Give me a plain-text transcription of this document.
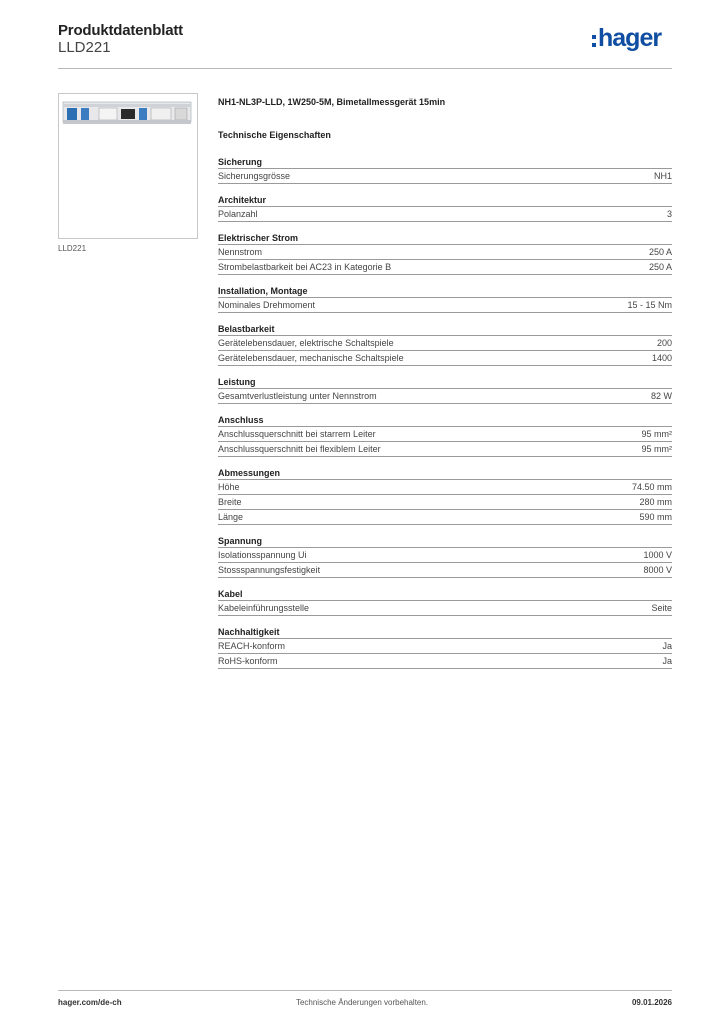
Produktdatenblatt
LLD221	hager
LLD221
NH1-NL3P-LLD, 1W250-5M, Bimetallmessgerät 15min
Technische Eigenschaften
Sicherung
Sicherungsgrösse	NH1
Architektur
Polanzahl	3
Elektrischer Strom
Nennstrom	250 A
Strombelastbarkeit bei AC23 in Kategorie B	250 A
Installation, Montage
Nominales Drehmoment	15 - 15 Nm
Belastbarkeit
Gerätelebensdauer, elektrische Schaltspiele	200
Gerätelebensdauer, mechanische Schaltspiele	1400
Leistung
Gesamtverlustleistung unter Nennstrom	82 W
Anschluss
Anschlussquerschnitt bei starrem Leiter	95 mm²
Anschlussquerschnitt bei flexiblem Leiter	95 mm²
Abmessungen
Höhe	74.50 mm
Breite	280 mm
Länge	590 mm
Spannung
Isolationsspannung Ui	1000 V
Stossspannungsfestigkeit	8000 V
Kabel
Kabeleinführungsstelle	Seite
Nachhaltigkeit
REACH-konform	Ja
RoHS-konform	Ja
hager.com/de-ch	Technische Änderungen vorbehalten.	09.01.2026
